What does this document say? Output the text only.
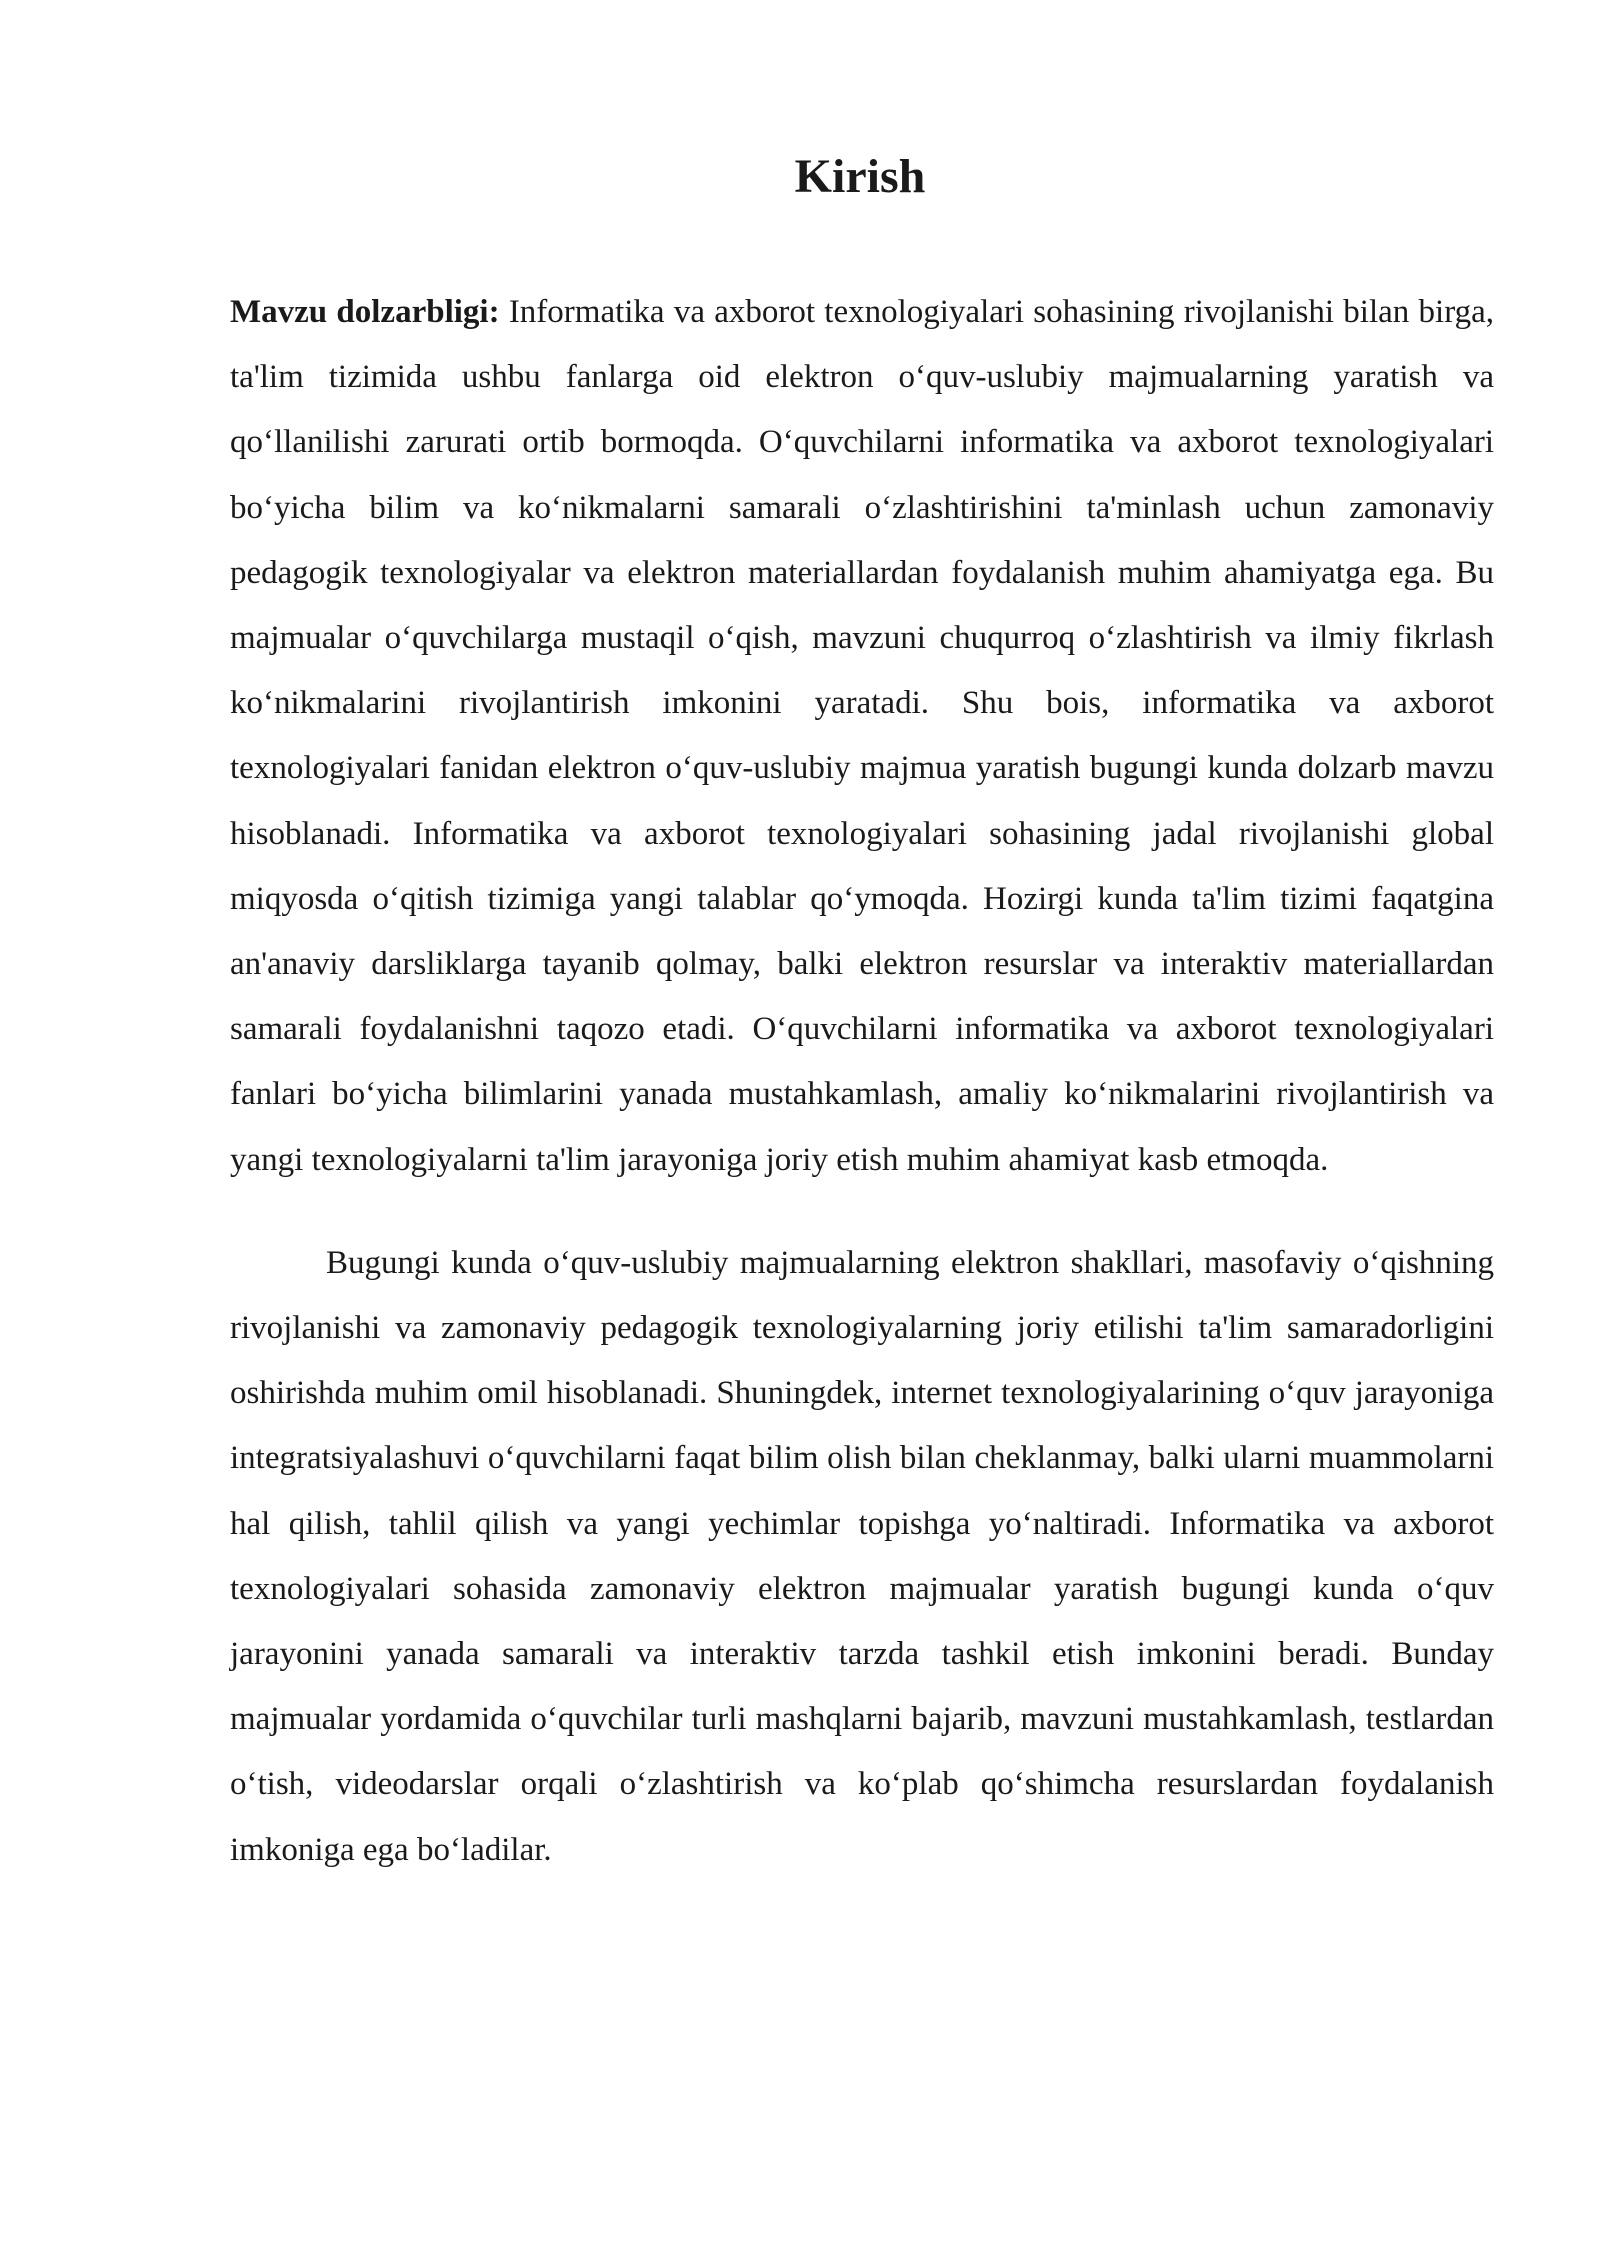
Kirish

Mavzu dolzarbligi: Informatika va axborot texnologiyalari sohasining rivojlanishi bilan birga, ta'lim tizimida ushbu fanlarga oid elektron o‘quv-uslubiy majmualarning yaratish va qo‘llanilishi zarurati ortib bormoqda. O‘quvchilarni informatika va axborot texnologiyalari bo‘yicha bilim va ko‘nikmalarni samarali o‘zlashtirishini ta'minlash uchun zamonaviy pedagogik texnologiyalar va elektron materiallardan foydalanish muhim ahamiyatga ega. Bu majmualar o‘quvchilarga mustaqil o‘qish, mavzuni chuqurroq o‘zlashtirish va ilmiy fikrlash ko‘nikmalarini rivojlantirish imkonini yaratadi. Shu bois, informatika va axborot texnologiyalari fanidan elektron o‘quv-uslubiy majmua yaratish bugungi kunda dolzarb mavzu hisoblanadi. Informatika va axborot texnologiyalari sohasining jadal rivojlanishi global miqyosda o‘qitish tizimiga yangi talablar qo‘ymoqda. Hozirgi kunda ta'lim tizimi faqatgina an'anaviy darsliklarga tayanib qolmay, balki elektron resurslar va interaktiv materiallardan samarali foydalanishni taqozo etadi. O‘quvchilarni informatika va axborot texnologiyalari fanlari bo‘yicha bilimlarini yanada mustahkamlash, amaliy ko‘nikmalarini rivojlantirish va yangi texnologiyalarni ta'lim jarayoniga joriy etish muhim ahamiyat kasb etmoqda.

Bugungi kunda o‘quv-uslubiy majmualarning elektron shakllari, masofaviy o‘qishning rivojlanishi va zamonaviy pedagogik texnologiyalarning joriy etilishi ta'lim samaradorligini oshirishda muhim omil hisoblanadi. Shuningdek, internet texnologiyalarining o‘quv jarayoniga integratsiyalashuvi o‘quvchilarni faqat bilim olish bilan cheklanmay, balki ularni muammolarni hal qilish, tahlil qilish va yangi yechimlar topishga yo‘naltiradi. Informatika va axborot texnologiyalari sohasida zamonaviy elektron majmualar yaratish bugungi kunda o‘quv jarayonini yanada samarali va interaktiv tarzda tashkil etish imkonini beradi. Bunday majmualar yordamida o‘quvchilar turli mashqlarni bajarib, mavzuni mustahkamlash, testlardan o‘tish, videodarslar orqali o‘zlashtirish va ko‘plab qo‘shimcha resurslardan foydalanish imkoniga ega bo‘ladilar.
